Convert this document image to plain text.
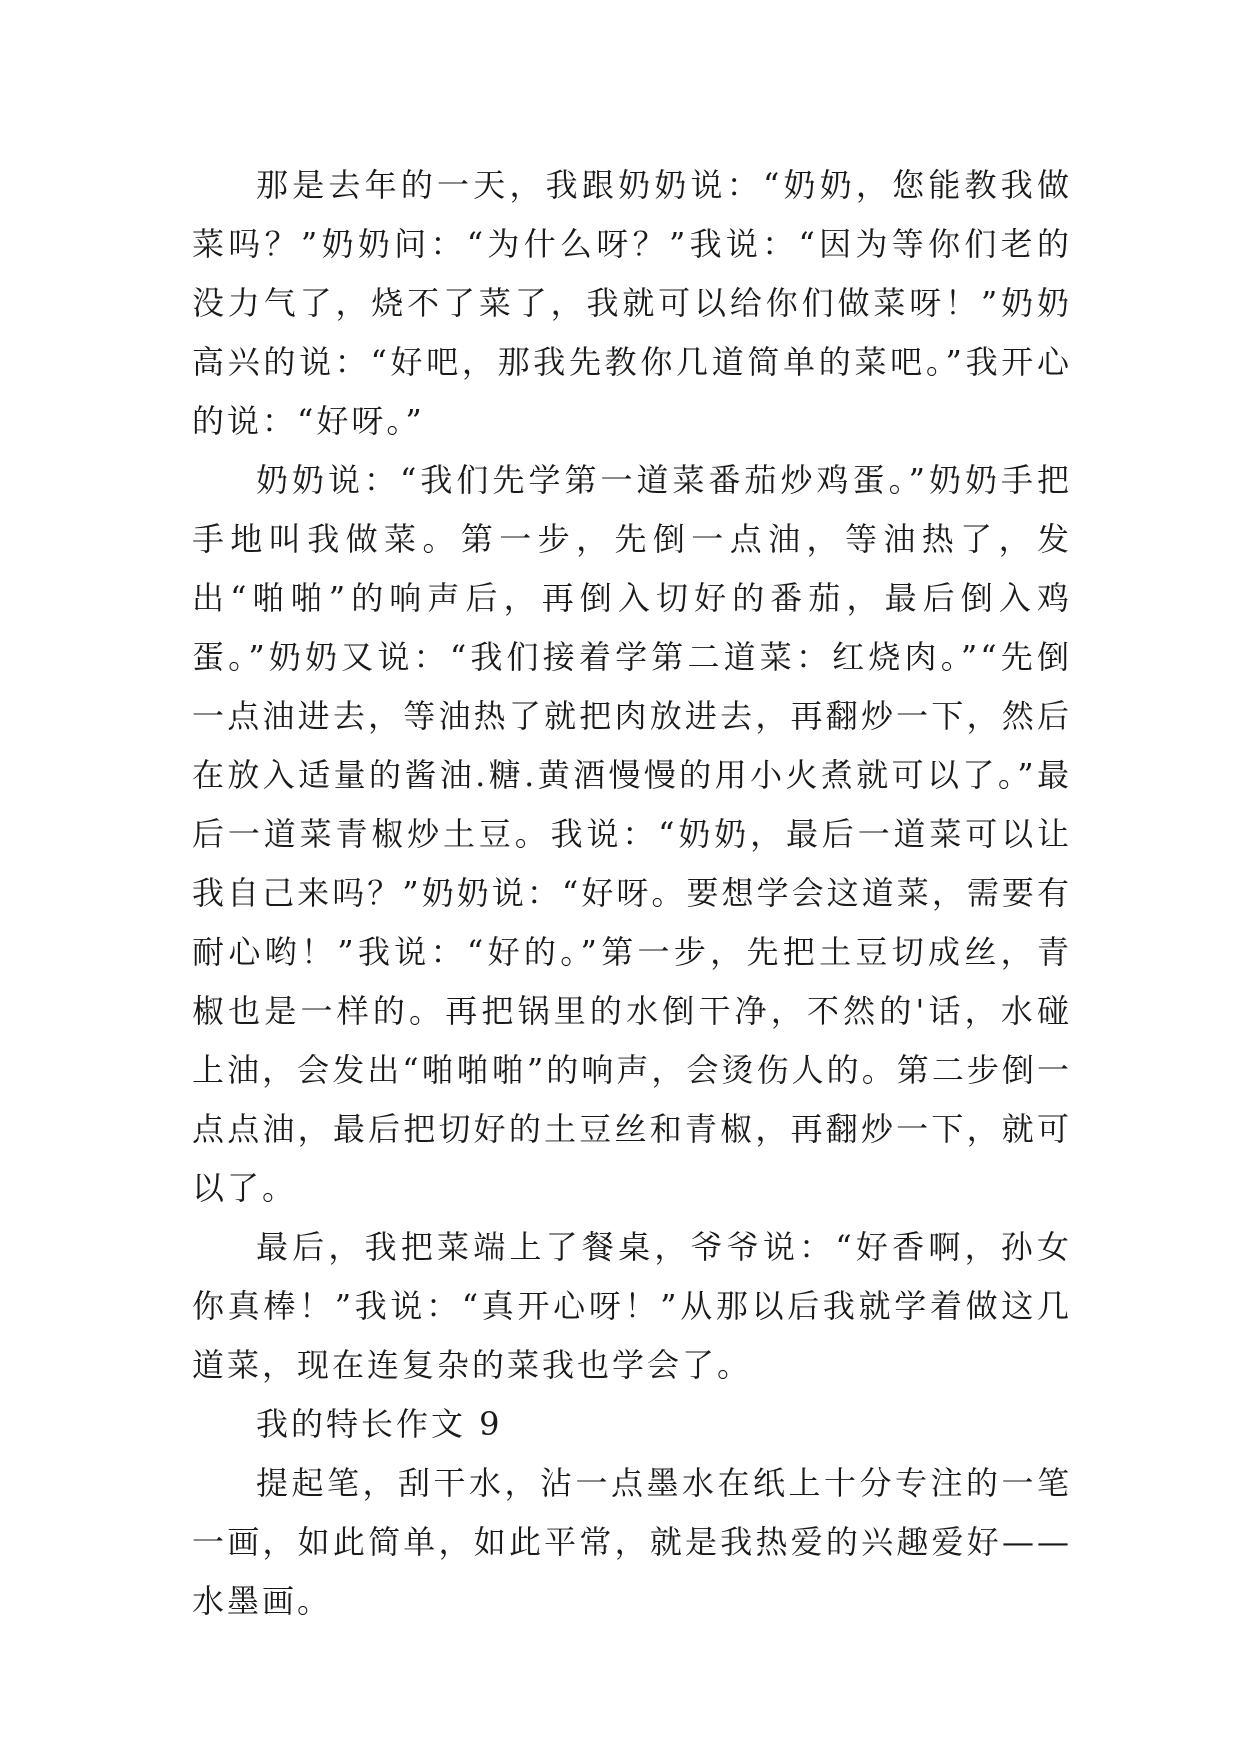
那是去年的一天，我跟奶奶说：“奶奶，您能教我做菜吗？”奶奶问：“为什么呀？”我说：“因为等你们老的没力气了，烧不了菜了，我就可以给你们做菜呀！”奶奶高兴的说：“好吧，那我先教你几道简单的菜吧。”我开心的说：“好呀。”

奶奶说：“我们先学第一道菜番茄炒鸡蛋。”奶奶手把手地叫我做菜。第一步，先倒一点油，等油热了，发出“啪啪”的响声后，再倒入切好的番茄，最后倒入鸡蛋。”奶奶又说：“我们接着学第二道菜：红烧肉。”“先倒一点油进去，等油热了就把肉放进去，再翻炒一下，然后在放入适量的酱油.糖.黄酒慢慢的用小火煮就可以了。”最后一道菜青椒炒土豆。我说：“奶奶，最后一道菜可以让我自己来吗？”奶奶说：“好呀。要想学会这道菜，需要有耐心哟！”我说：“好的。”第一步，先把土豆切成丝，青椒也是一样的。再把锅里的水倒干净，不然的'话，水碰上油，会发出“啪啪啪”的响声，会烫伤人的。第二步倒一点点油，最后把切好的土豆丝和青椒，再翻炒一下，就可以了。

最后，我把菜端上了餐桌，爷爷说：“好香啊，孙女你真棒！”我说：“真开心呀！”从那以后我就学着做这几道菜，现在连复杂的菜我也学会了。

我的特长作文 9

提起笔，刮干水，沾一点墨水在纸上十分专注的一笔一画，如此简单，如此平常，就是我热爱的兴趣爱好——水墨画。
